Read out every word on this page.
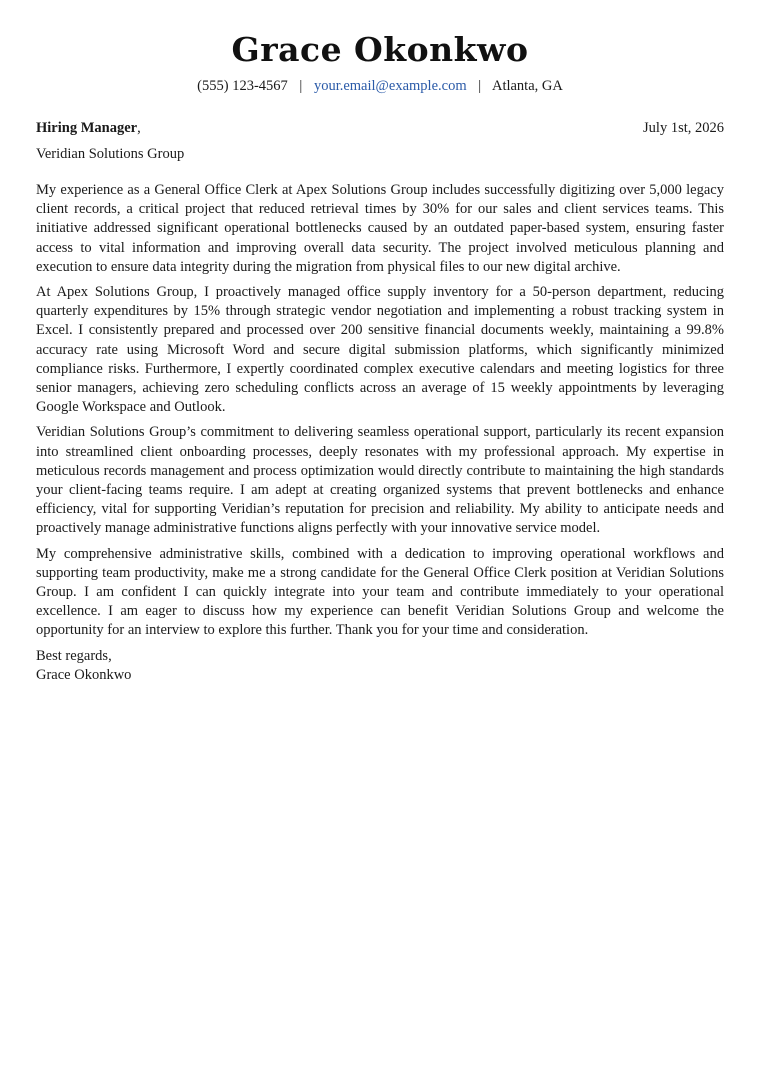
Grace Okonkwo
(555) 123-4567 | your.email@example.com | Atlanta, GA
Hiring Manager,	July 1st, 2026
Veridian Solutions Group

My experience as a General Office Clerk at Apex Solutions Group includes successfully digitizing over 5,000 legacy client records, a critical project that reduced retrieval times by 30% for our sales and client services teams. This initiative addressed significant operational bottlenecks caused by an outdated paper-based system, ensuring faster access to vital information and improving overall data security. The project involved meticulous planning and execution to ensure data integrity during the migration from physical files to our new digital archive.

At Apex Solutions Group, I proactively managed office supply inventory for a 50-person department, reducing quarterly expenditures by 15% through strategic vendor negotiation and implementing a robust tracking system in Excel. I consistently prepared and processed over 200 sensitive financial documents weekly, maintaining a 99.8% accuracy rate using Microsoft Word and secure digital submission platforms, which significantly minimized compliance risks. Furthermore, I expertly coordinated complex executive calendars and meeting logistics for three senior managers, achieving zero scheduling conflicts across an average of 15 weekly appointments by leveraging Google Workspace and Outlook.

Veridian Solutions Group’s commitment to delivering seamless operational support, particularly its recent expansion into streamlined client onboarding processes, deeply resonates with my professional approach. My expertise in meticulous records management and process optimization would directly contribute to maintaining the high standards your client-facing teams require. I am adept at creating organized systems that prevent bottlenecks and enhance efficiency, vital for supporting Veridian’s reputation for precision and reliability. My ability to anticipate needs and proactively manage administrative functions aligns perfectly with your innovative service model.

My comprehensive administrative skills, combined with a dedication to improving operational workflows and supporting team productivity, make me a strong candidate for the General Office Clerk position at Veridian Solutions Group. I am confident I can quickly integrate into your team and contribute immediately to your operational excellence. I am eager to discuss how my experience can benefit Veridian Solutions Group and welcome the opportunity for an interview to explore this further. Thank you for your time and consideration.

Best regards,
Grace Okonkwo
